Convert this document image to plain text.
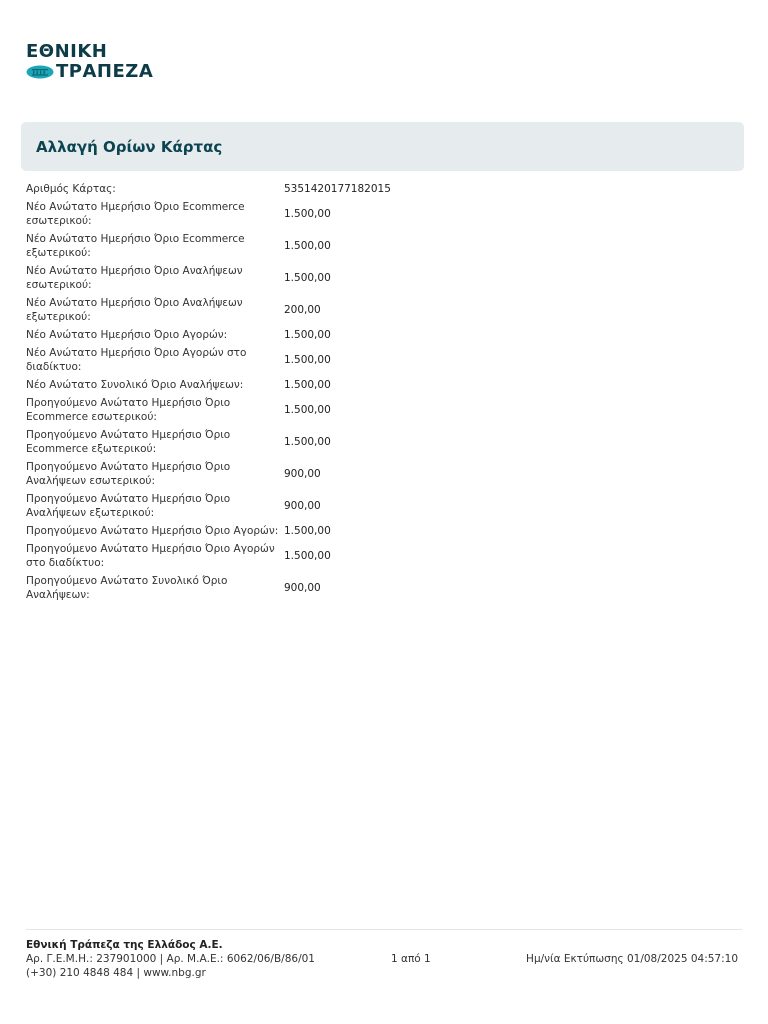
ΕΘΝΙΚΗ
ΤΡΑΠΕΖΑ
Αλλαγή Ορίων Κάρτας
Αριθμός Κάρτας:	5351420177182015
Νέο Ανώτατο Ημερήσιο Όριο Ecommerce εσωτερικού:
1.500,00
Νέο Ανώτατο Ημερήσιο Όριο Ecommerce εξωτερικού:
1.500,00
Νέο Ανώτατο Ημερήσιο Όριο Αναλήψεων εσωτερικού:
1.500,00
Νέο Ανώτατο Ημερήσιο Όριο Αναλήψεων εξωτερικού:
200,00
Νέο Ανώτατο Ημερήσιο Όριο Αγορών:	1.500,00
Νέο Ανώτατο Ημερήσιο Όριο Αγορών στο διαδίκτυο:
1.500,00
Νέο Ανώτατο Συνολικό Όριο Αναλήψεων:	1.500,00
Προηγούμενο Ανώτατο Ημερήσιο Όριο Ecommerce εσωτερικού:
1.500,00
Προηγούμενο Ανώτατο Ημερήσιο Όριο Ecommerce εξωτερικού:
1.500,00
Προηγούμενο Ανώτατο Ημερήσιο Όριο Αναλήψεων εσωτερικού:
900,00
Προηγούμενο Ανώτατο Ημερήσιο Όριο Αναλήψεων εξωτερικού:
900,00
Προηγούμενο Ανώτατο Ημερήσιο Όριο Αγορών: 1.500,00
Προηγούμενο Ανώτατο Ημερήσιο Όριο Αγορών στο διαδίκτυο:
1.500,00
Προηγούμενο Ανώτατο Συνολικό Όριο Αναλήψεων:
900,00
Εθνική Τράπεζα της Ελλάδος Α.Ε.
Αρ. Γ.Ε.Μ.Η.: 237901000 | Αρ. Μ.Α.Ε.: 6062/06/Β/86/01
(+30) 210 4848 484 | www.nbg.gr
1 από 1	Ημ/νία Εκτύπωσης 01/08/2025 04:57:10
